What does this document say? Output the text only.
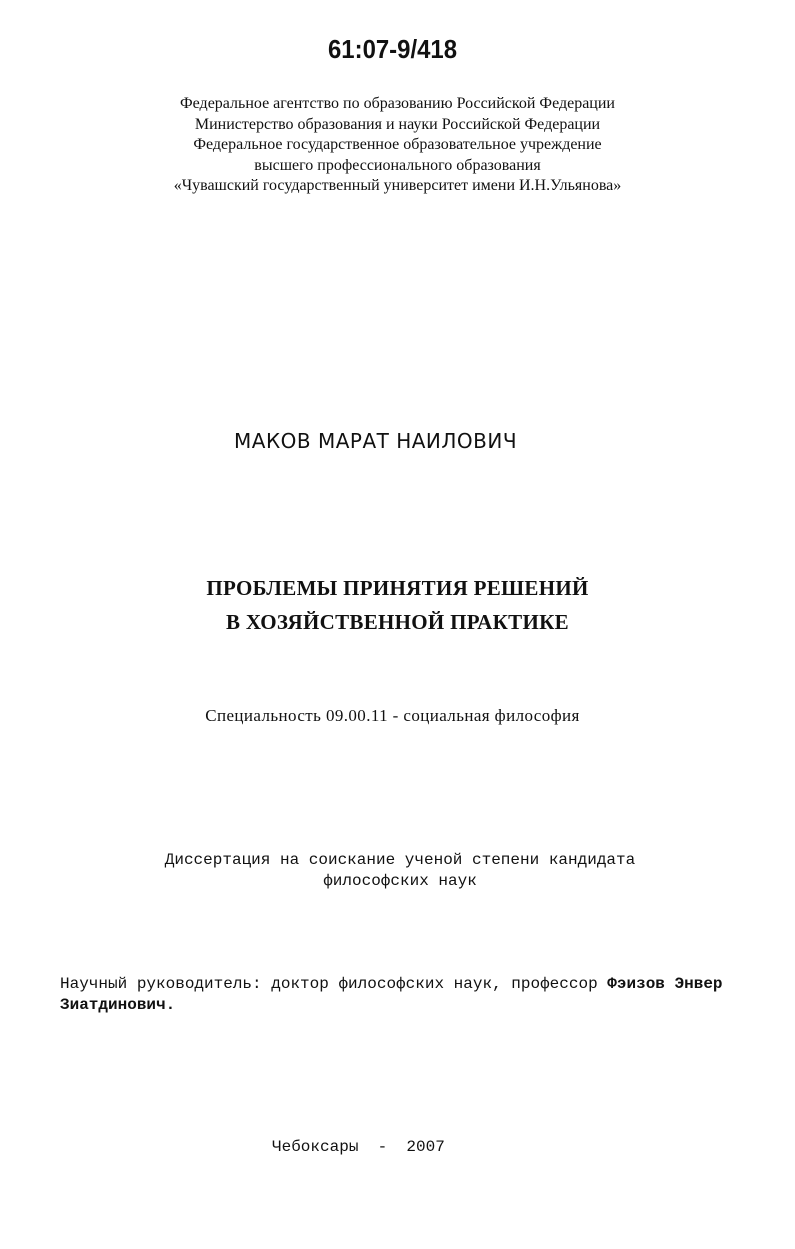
61:07-9/418
Федеральное агентство по образованию Российской Федерации
Министерство образования и науки Российской Федерации
Федеральное государственное образовательное учреждение
высшего профессионального образования
«Чувашский государственный университет имени И.Н.Ульянова»
МАКОВ МАРАТ НАИЛОВИЧ
ПРОБЛЕМЫ ПРИНЯТИЯ РЕШЕНИЙ
В ХОЗЯЙСТВЕННОЙ ПРАКТИКЕ
Специальность 09.00.11 - социальная философия
Диссертация на соискание ученой степени кандидата
философских наук
Научный руководитель: доктор философских наук, профессор Фэизов Энвер Зиатдинович.
Чебоксары  -  2007
